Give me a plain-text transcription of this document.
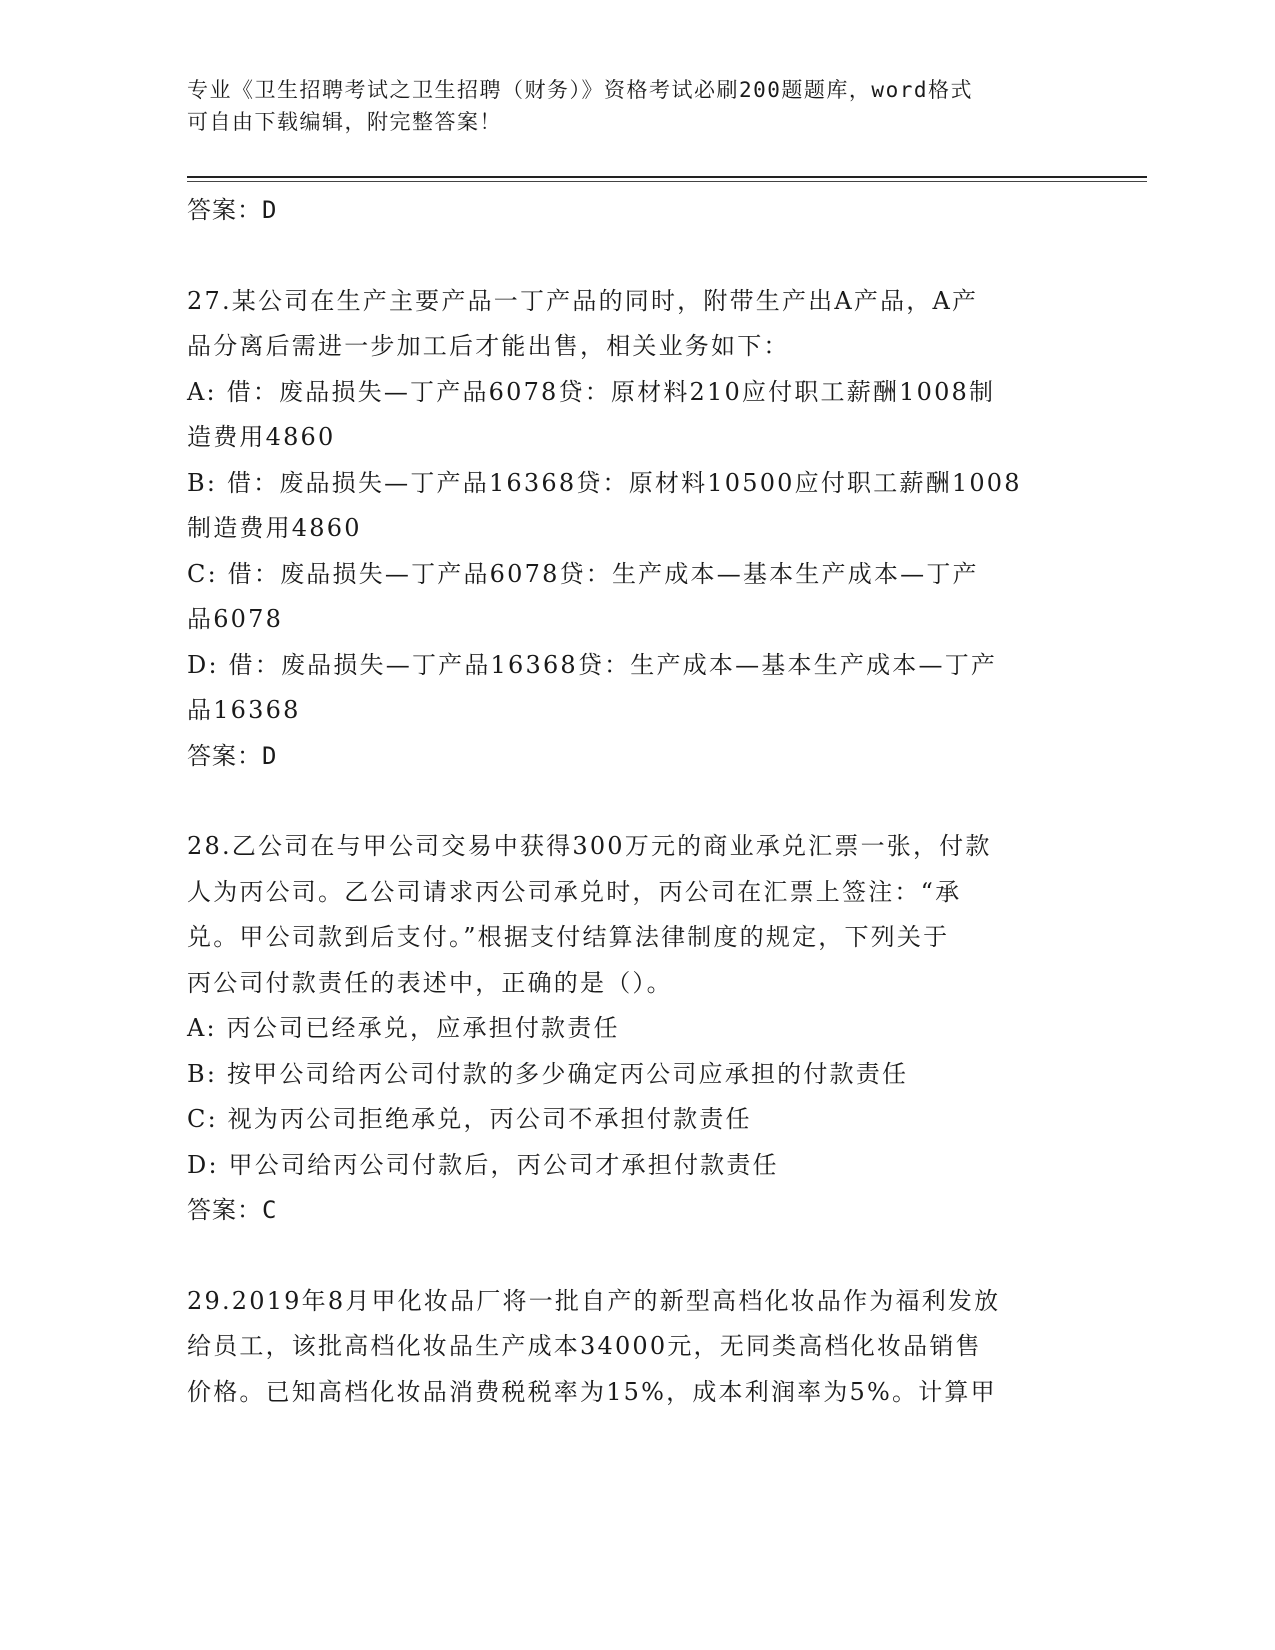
专业《卫生招聘考试之卫生招聘（财务）》资格考试必刷200题题库，word格式

可自由下载编辑，附完整答案！

答案：D

27.某公司在生产主要产品一丁产品的同时，附带生产出A产品，A产

品分离后需进一步加工后才能出售，相关业务如下：

A: 借：废品损失—丁产品6078贷：原材料210应付职工薪酬1008制

造费用4860

B: 借：废品损失—丁产品16368贷：原材料10500应付职工薪酬1008

制造费用4860

C: 借：废品损失—丁产品6078贷：生产成本—基本生产成本—丁产

品6078

D: 借：废品损失—丁产品16368贷：生产成本—基本生产成本—丁产

品16368

答案：D

28.乙公司在与甲公司交易中获得300万元的商业承兑汇票一张，付款

人为丙公司。乙公司请求丙公司承兑时，丙公司在汇票上签注：“承

兑。甲公司款到后支付。”根据支付结算法律制度的规定，下列关于

丙公司付款责任的表述中，正确的是（）。

A: 丙公司已经承兑，应承担付款责任

B: 按甲公司给丙公司付款的多少确定丙公司应承担的付款责任

C: 视为丙公司拒绝承兑，丙公司不承担付款责任

D: 甲公司给丙公司付款后，丙公司才承担付款责任

答案：C

29.2019年8月甲化妆品厂将一批自产的新型高档化妆品作为福利发放

给员工，该批高档化妆品生产成本34000元，无同类高档化妆品销售

价格。已知高档化妆品消费税税率为15%，成本利润率为5%。计算甲
